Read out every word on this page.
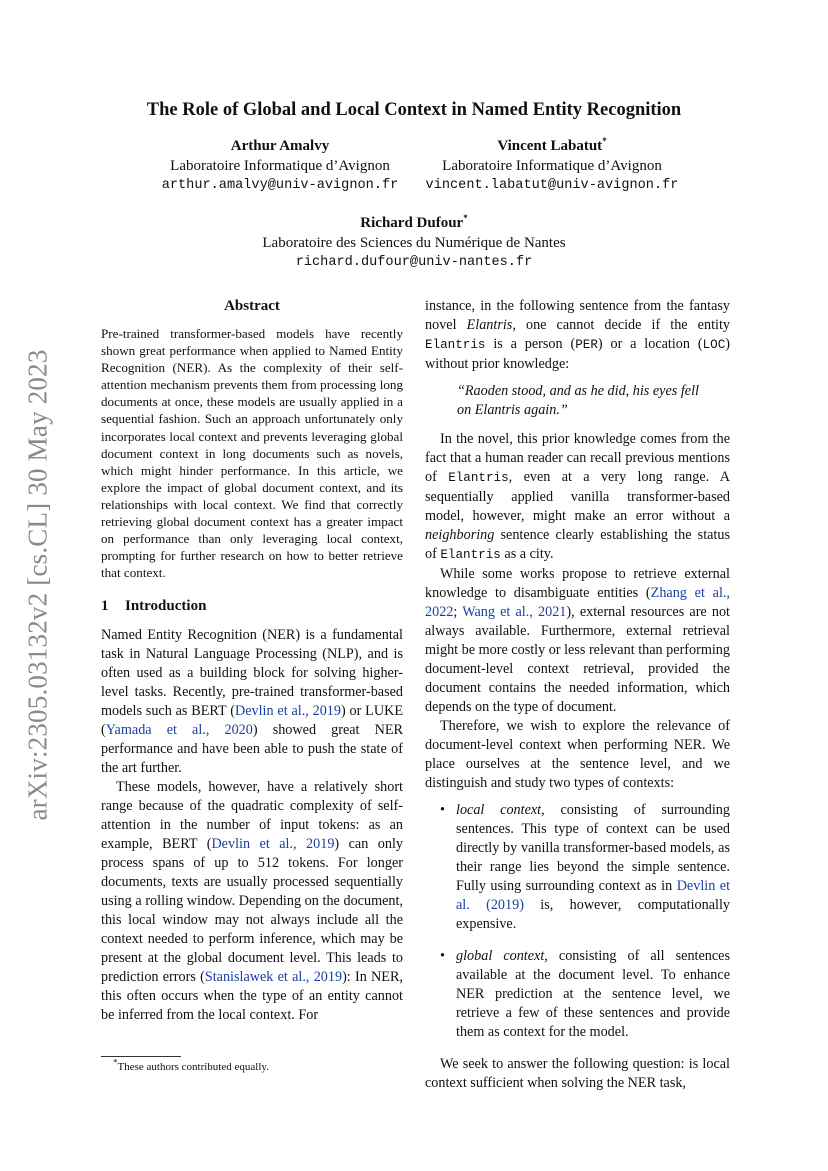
arXiv:2305.03132v2 [cs.CL] 30 May 2023
The Role of Global and Local Context in Named Entity Recognition
Arthur Amalvy
Laboratoire Informatique d’Avignon
arthur.amalvy@univ-avignon.fr
Vincent Labatut*
Laboratoire Informatique d’Avignon
vincent.labatut@univ-avignon.fr
Richard Dufour*
Laboratoire des Sciences du Numérique de Nantes
richard.dufour@univ-nantes.fr
Abstract

Pre-trained transformer-based models have recently shown great performance when applied to Named Entity Recognition (NER). As the complexity of their self-attention mechanism prevents them from processing long documents at once, these models are usually applied in a sequential fashion. Such an approach unfortunately only incorporates local context and prevents leveraging global document context in long documents such as novels, which might hinder performance. In this article, we explore the impact of global document context, and its relationships with local context. We find that correctly retrieving global document context has a greater impact on performance than only leveraging local context, prompting for further research on how to better retrieve that context.

1 Introduction

Named Entity Recognition (NER) is a fundamental task in Natural Language Processing (NLP), and is often used as a building block for solving higher-level tasks. Recently, pre-trained transformer-based models such as BERT (Devlin et al., 2019) or LUKE (Yamada et al., 2020) showed great NER performance and have been able to push the state of the art further.

These models, however, have a relatively short range because of the quadratic complexity of self-attention in the number of input tokens: as an example, BERT (Devlin et al., 2019) can only process spans of up to 512 tokens. For longer documents, texts are usually processed sequentially using a rolling window. Depending on the document, this local window may not always include all the context needed to perform inference, which may be present at the global document level. This leads to prediction errors (Stanislawek et al., 2019): In NER, this often occurs when the type of an entity cannot be inferred from the local context. For

instance, in the following sentence from the fantasy novel Elantris, one cannot decide if the entity Elantris is a person (PER) or a location (LOC) without prior knowledge:

“Raoden stood, and as he did, his eyes fell on Elantris again.”

In the novel, this prior knowledge comes from the fact that a human reader can recall previous mentions of Elantris, even at a very long range. A sequentially applied vanilla transformer-based model, however, might make an error without a neighboring sentence clearly establishing the status of Elantris as a city.

While some works propose to retrieve external knowledge to disambiguate entities (Zhang et al., 2022; Wang et al., 2021), external resources are not always available. Furthermore, external retrieval might be more costly or less relevant than performing document-level context retrieval, provided the document contains the needed information, which depends on the type of document.

Therefore, we wish to explore the relevance of document-level context when performing NER. We place ourselves at the sentence level, and we distinguish and study two types of contexts:

• local context, consisting of surrounding sentences. This type of context can be used directly by vanilla transformer-based models, as their range lies beyond the simple sentence. Fully using surrounding context as in Devlin et al. (2019) is, however, computationally expensive.
• global context, consisting of all sentences available at the document level. To enhance NER prediction at the sentence level, we retrieve a few of these sentences and provide them as context for the model.

We seek to answer the following question: is local context sufficient when solving the NER task,

*These authors contributed equally.
